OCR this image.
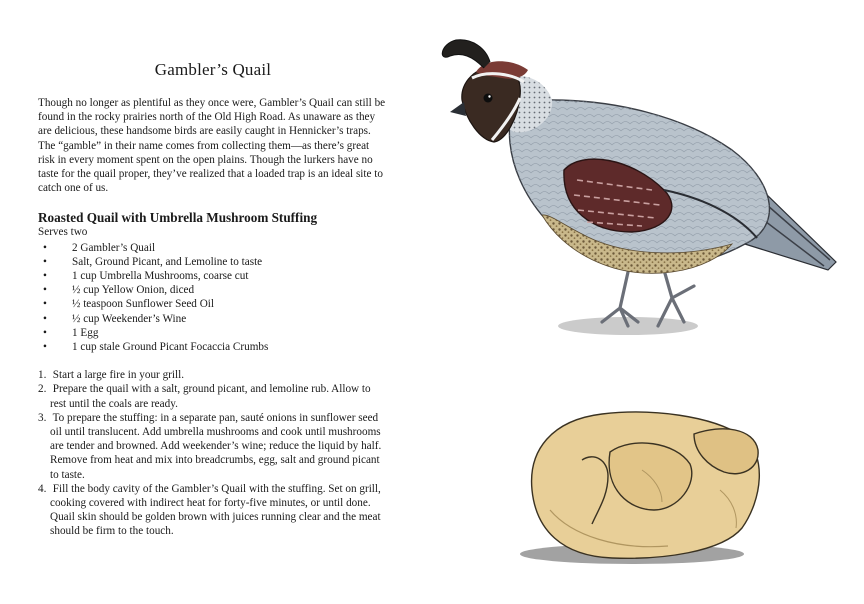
Gambler’s Quail

Though no longer as plentiful as they once were, Gambler’s Quail can still be found in the rocky prairies north of the Old High Road. As unaware as they are delicious, these handsome birds are easily caught in Hennicker’s traps. The “gamble” in their name comes from collecting them—as there’s great risk in every moment spent on the open plains. Though the lurkers have no taste for the quail proper, they’ve realized that a loaded trap is an ideal site to catch one of us.

Roasted Quail with Umbrella Mushroom Stuffing
Serves two
• 2 Gambler’s Quail
• Salt, Ground Picant, and Lemoline to taste
• 1 cup Umbrella Mushrooms, coarse cut
• ½ cup Yellow Onion, diced
• ½ teaspoon Sunflower Seed Oil
• ½ cup Weekender’s Wine
• 1 Egg
• 1 cup stale Ground Picant Focaccia Crumbs

1. Start a large fire in your grill.

2. Prepare the quail with a salt, ground picant, and lemoline rub. Allow to rest until the coals are ready.

3. To prepare the stuffing: in a separate pan, sauté onions in sunflower seed oil until translucent. Add umbrella mushrooms and cook until mushrooms are tender and browned. Add weekender’s wine; reduce the liquid by half. Remove from heat and mix into breadcrumbs, egg, salt and ground picant to taste.

4. Fill the body cavity of the Gambler’s Quail with the stuffing. Set on grill, cooking covered with indirect heat for forty-five minutes, or until done. Quail skin should be golden brown with juices running clear and the meat should be firm to the touch.
